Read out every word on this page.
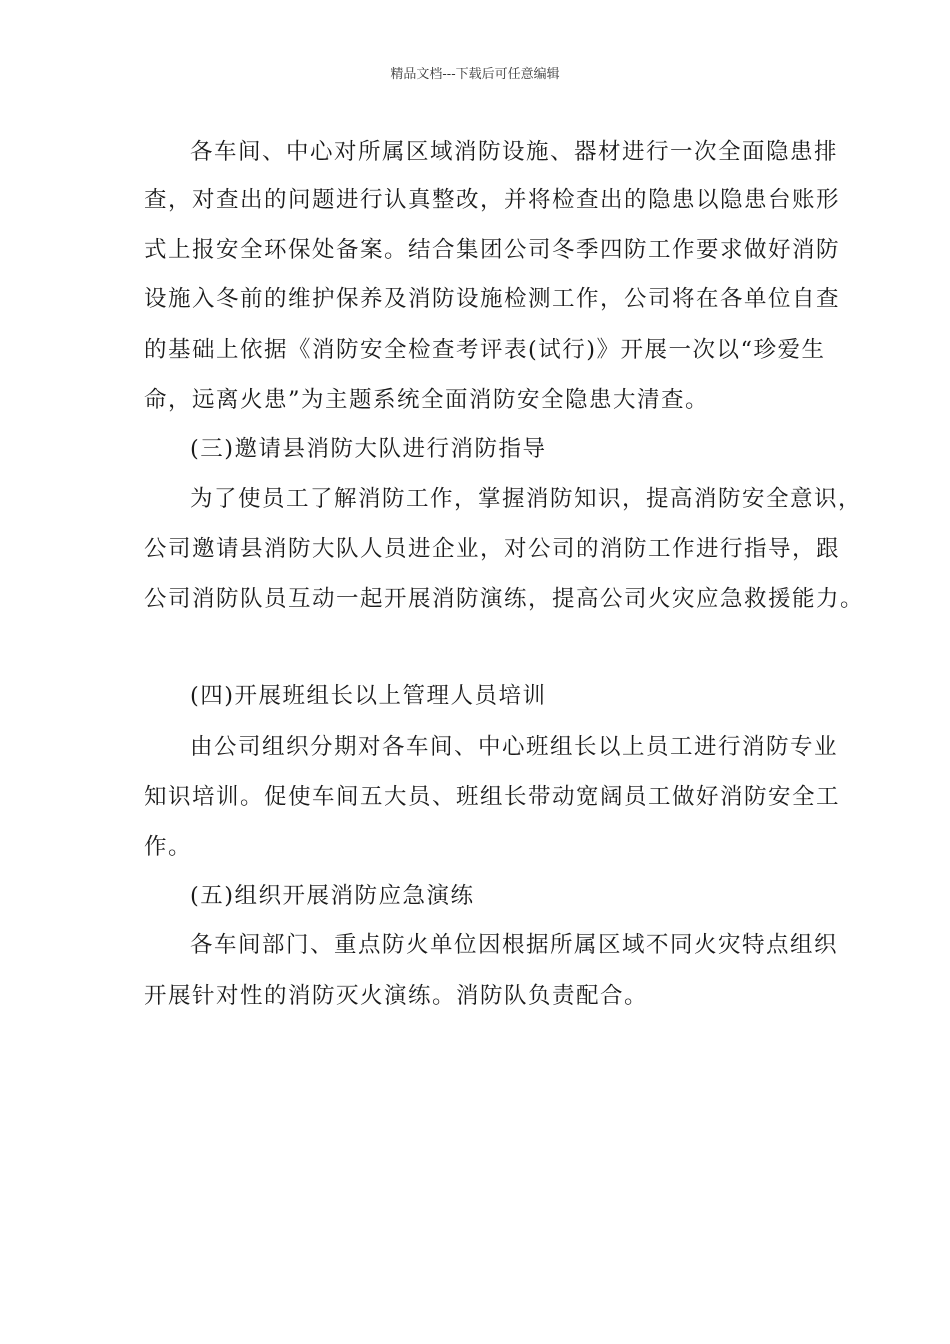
精品文档---下载后可任意编辑
各车间、中心对所属区域消防设施、器材进行一次全面隐患排
查，对查出的问题进行认真整改，并将检查出的隐患以隐患台账形
式上报安全环保处备案。结合集团公司冬季四防工作要求做好消防
设施入冬前的维护保养及消防设施检测工作，公司将在各单位自查
的基础上依据《消防安全检查考评表(试行)》开展一次以“珍爱生
命，远离火患”为主题系统全面消防安全隐患大清查。
(三)邀请县消防大队进行消防指导
为了使员工了解消防工作，掌握消防知识，提高消防安全意识，
公司邀请县消防大队人员进企业，对公司的消防工作进行指导，跟
公司消防队员互动一起开展消防演练，提高公司火灾应急救援能力。
(四)开展班组长以上管理人员培训
由公司组织分期对各车间、中心班组长以上员工进行消防专业
知识培训。促使车间五大员、班组长带动宽阔员工做好消防安全工
作。
(五)组织开展消防应急演练
各车间部门、重点防火单位因根据所属区域不同火灾特点组织
开展针对性的消防灭火演练。消防队负责配合。
